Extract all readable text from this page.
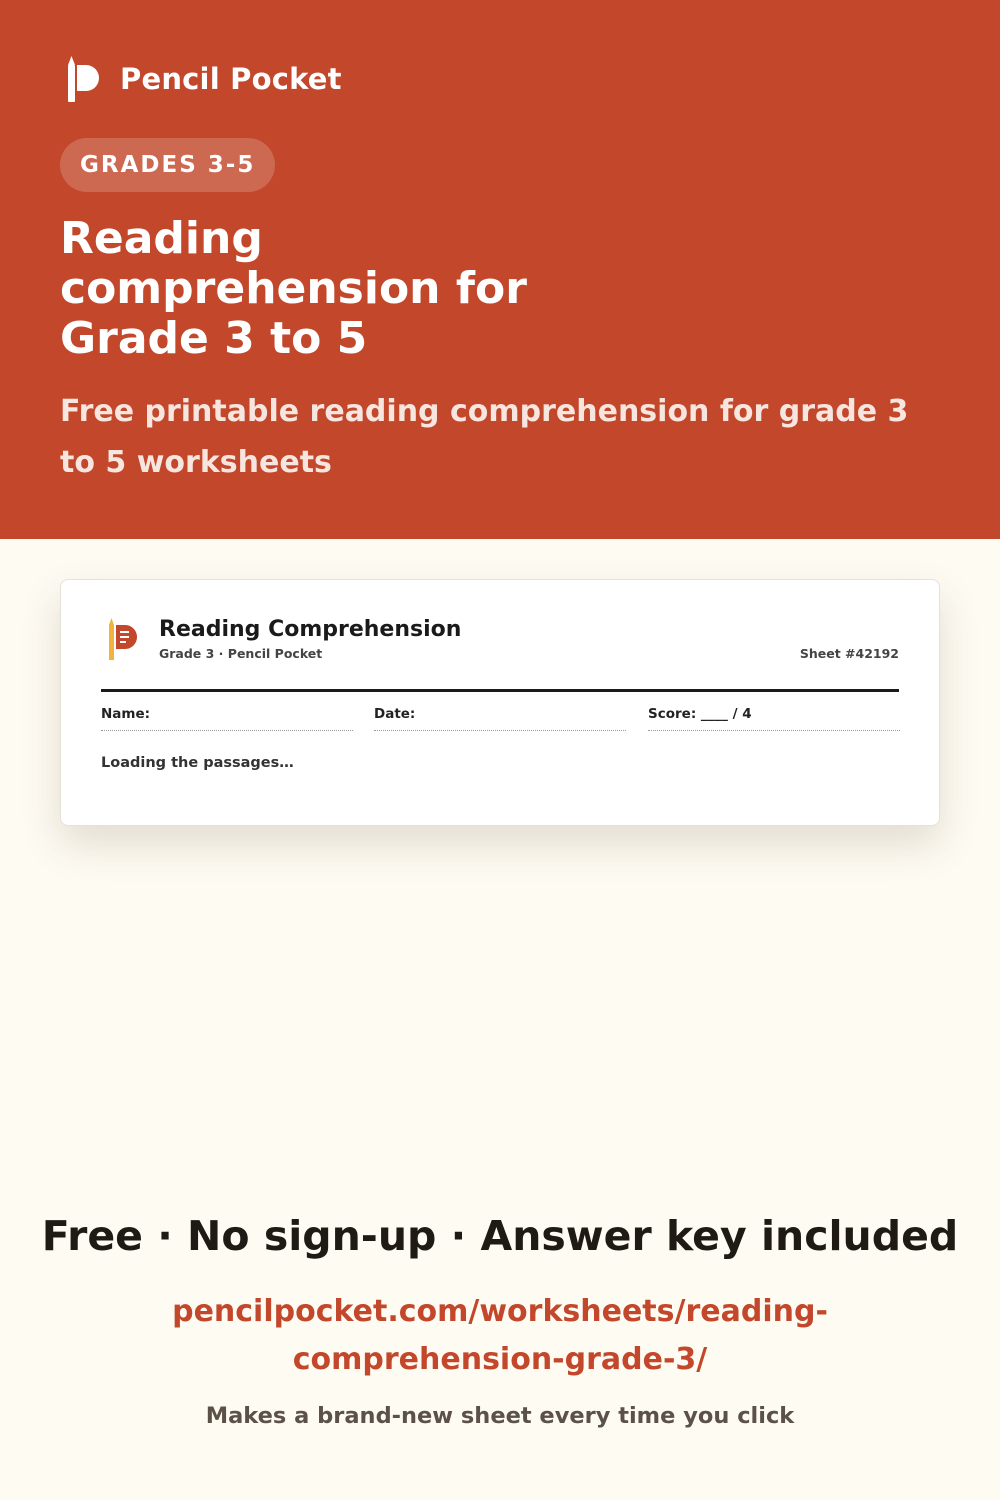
Pencil Pocket
GRADES 3-5
Reading comprehension for Grade 3 to 5

Free printable reading comprehension for grade 3 to 5 worksheets

Reading Comprehension
Grade 3 · Pencil Pocket	Sheet #42192
Name:	Date:	Score: ____ / 4
Loading the passages…
Free · No sign-up · Answer key included
pencilpocket.com/worksheets/reading-comprehension-grade-3/
Makes a brand-new sheet every time you click
